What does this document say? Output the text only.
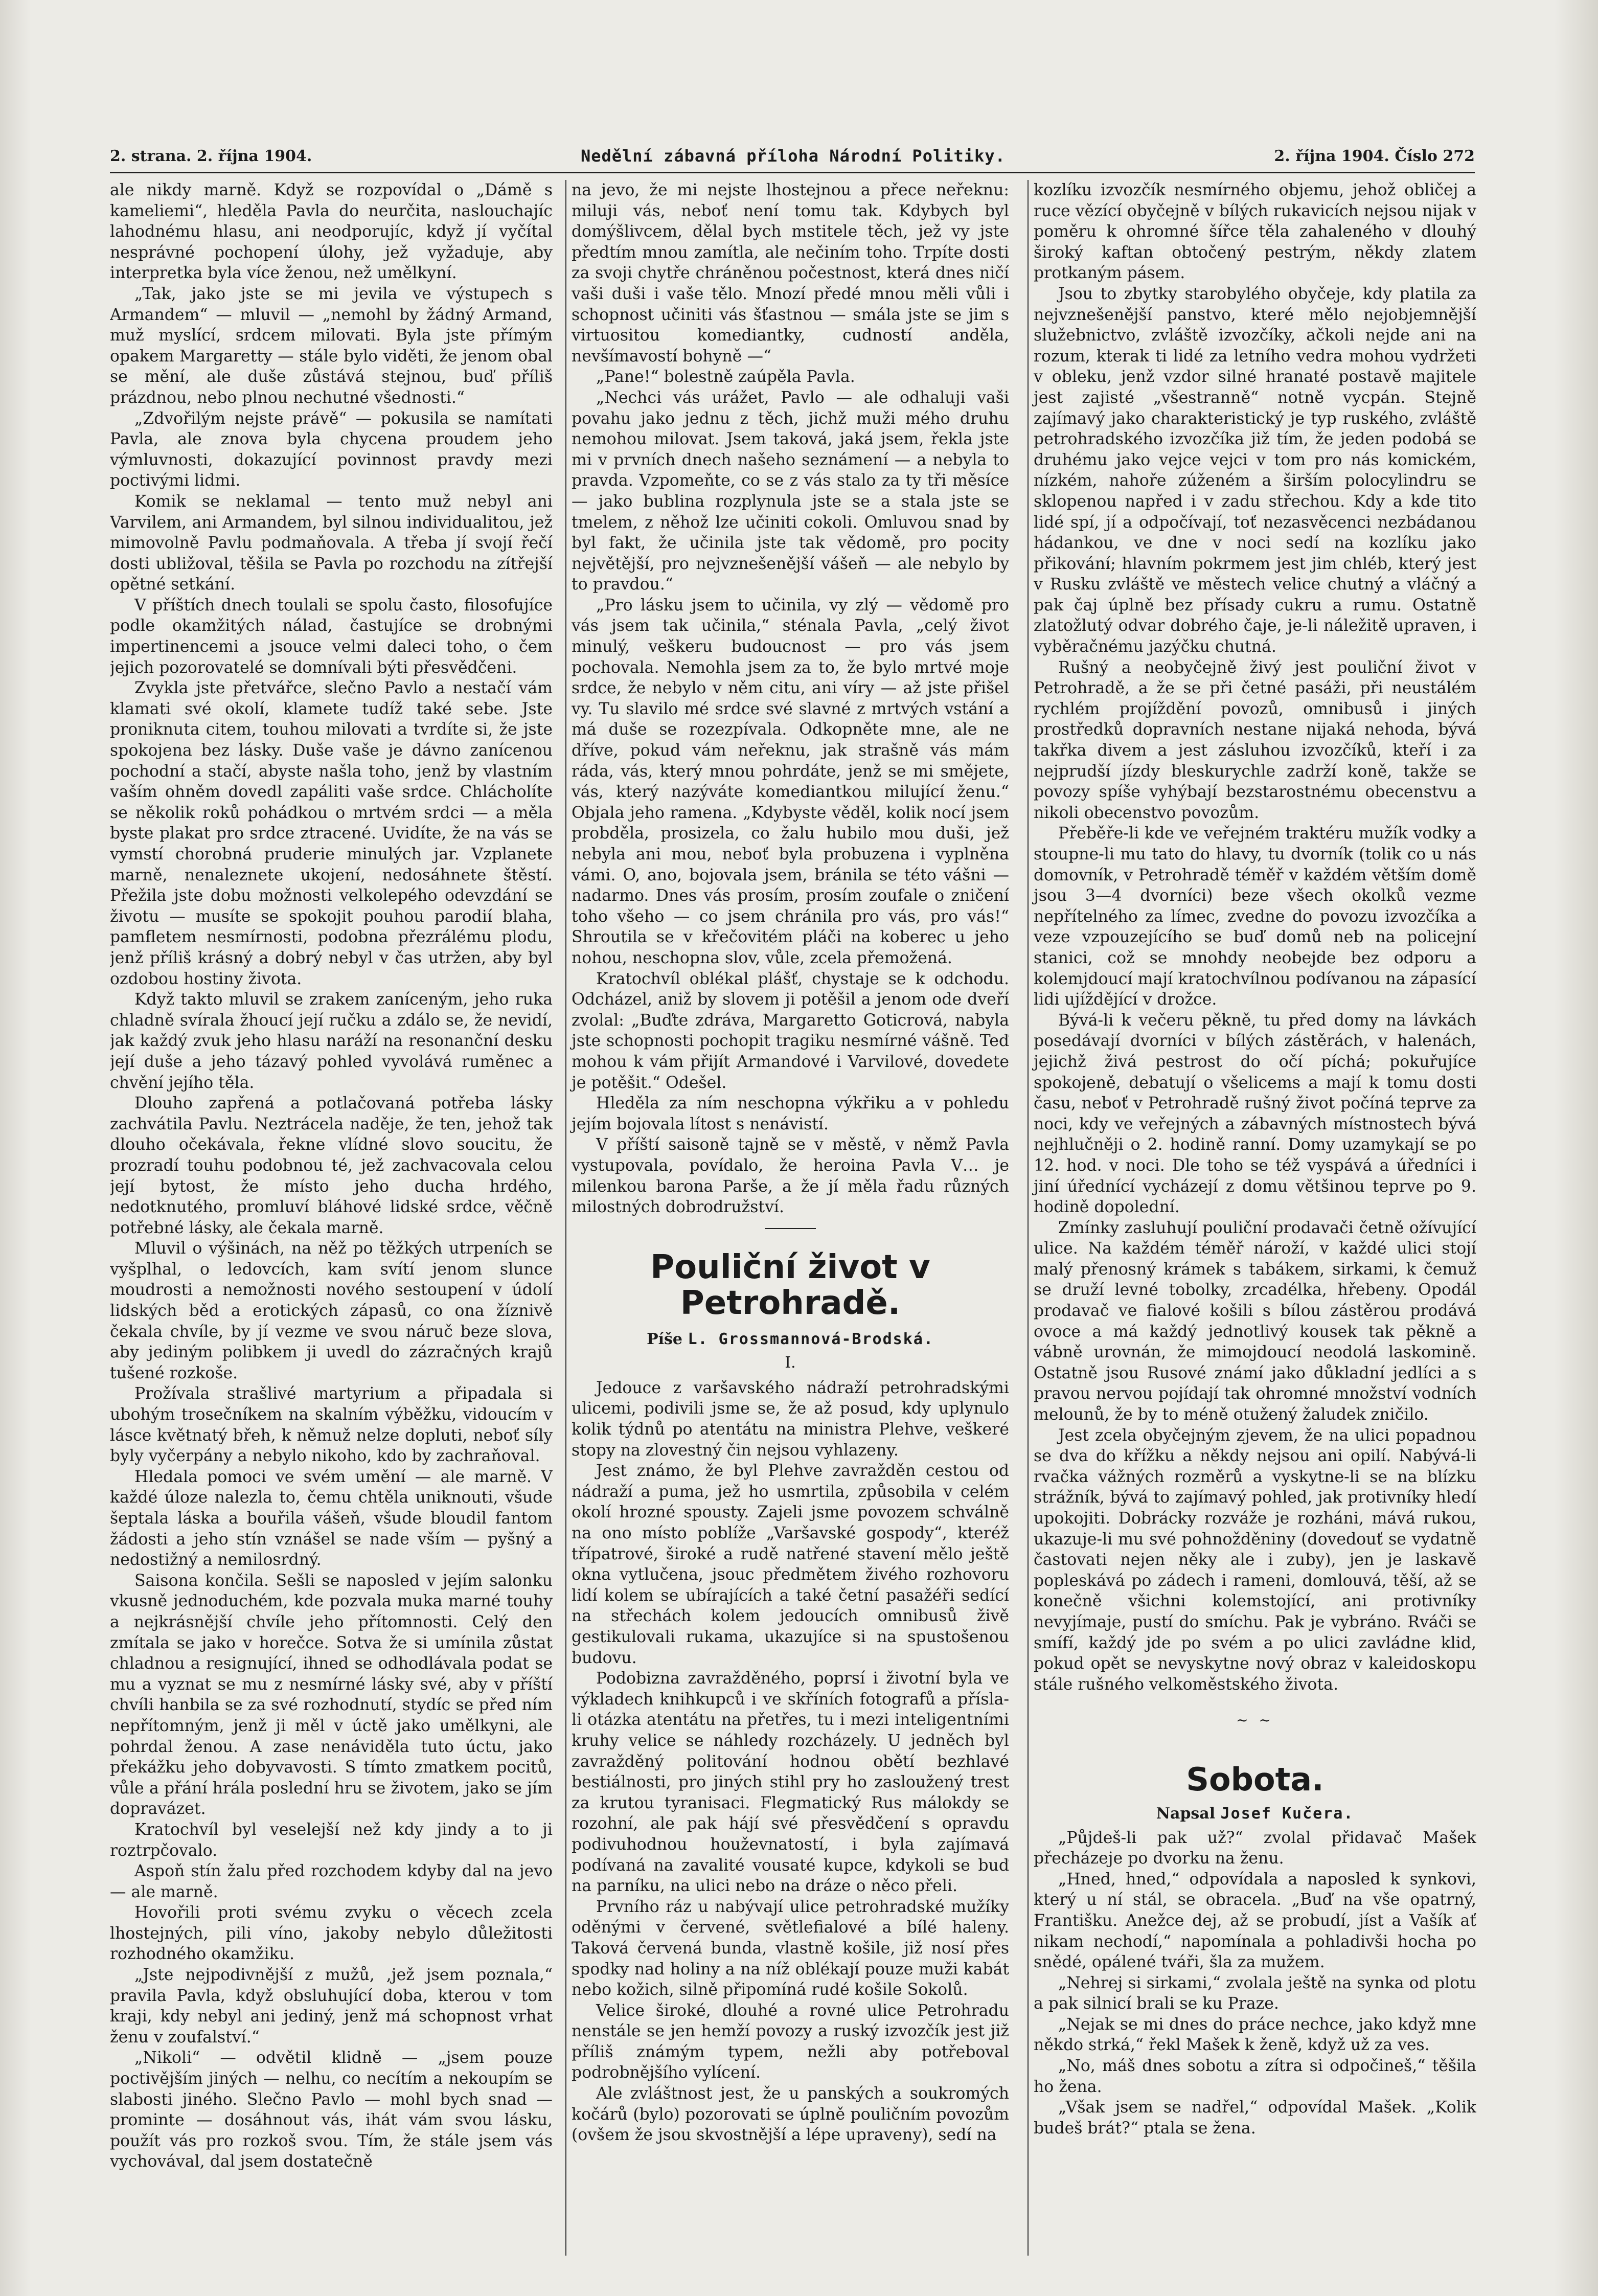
2. strana. 2. října 1904.	Nedělní zábavná příloha Národní Politiky.	2. října 1904. Číslo 272

ale nikdy marně. Když se rozpovídal o „Dámě s kameliemi“, hleděla Pavla do neurčita, naslouchajíc lahodnému hlasu, ani neodporujíc, když jí vyčítal nesprávné pochopení úlohy, jež vyžaduje, aby interpretka byla více ženou, než umělkyní.

„Tak, jako jste se mi jevila ve výstupech s Armandem“ — mluvil — „nemohl by žádný Armand, muž myslící, srdcem milovati. Byla jste přímým opakem Margaretty — stále bylo viděti, že jenom obal se mění, ale duše zůstává stejnou, buď příliš prázdnou, nebo plnou nechutné všednosti.“

„Zdvořilým nejste právě“ — pokusila se namítati Pavla, ale znova byla chycena proudem jeho výmluvnosti, dokazující povinnost pravdy mezi poctivými lidmi.

Komik se neklamal — tento muž nebyl ani Varvilem, ani Armandem, byl silnou individualitou, jež mimovolně Pavlu podmaňovala. A třeba jí svojí řečí dosti ubližoval, těšila se Pavla po rozchodu na zítřejší opětné setkání.

V příštích dnech toulali se spolu často, filosofujíce podle okamžitých nálad, častujíce se drobnými impertinencemi a jsouce velmi daleci toho, o čem jejich pozorovatelé se domnívali býti přesvědčeni.

Zvykla jste přetvářce, slečno Pavlo a nestačí vám klamati své okolí, klamete tudíž také sebe. Jste proniknuta citem, touhou milovati a tvrdíte si, že jste spokojena bez lásky. Duše vaše je dávno zanícenou pochodní a stačí, abyste našla toho, jenž by vlastním vaším ohněm dovedl zapáliti vaše srdce. Chlácholíte se několik roků pohádkou o mrtvém srdci — a měla byste plakat pro srdce ztracené. Uvidíte, že na vás se vymstí chorobná pruderie minulých jar. Vzplanete marně, nenaleznete ukojení, nedosáhnete štěstí. Přežila jste dobu možnosti velkolepého odevzdání se životu — musíte se spokojit pouhou parodií blaha, pamfletem nesmírnosti, podobna přezrálému plodu, jenž příliš krásný a dobrý nebyl v čas utržen, aby byl ozdobou hostiny života.

Když takto mluvil se zrakem zaníceným, jeho ruka chladně svírala žhoucí její ručku a zdálo se, že nevidí, jak každý zvuk jeho hlasu naráží na resonanční desku její duše a jeho tázavý pohled vyvolává ruměnec a chvění jejího těla.

Dlouho zapřená a potlačovaná potřeba lásky zachvátila Pavlu. Neztrácela naděje, že ten, jehož tak dlouho očekávala, řekne vlídné slovo soucitu, že prozradí touhu podobnou té, jež zachvacovala celou její bytost, že místo jeho ducha hrdého, nedotknutého, promluví bláhové lidské srdce, věčně potřebné lásky, ale čekala marně.

Mluvil o výšinách, na něž po těžkých utrpeních se vyšplhal, o ledovcích, kam svítí jenom slunce moudrosti a nemožnosti nového sestoupení v údolí lidských běd a erotických zápasů, co ona žíznivě čekala chvíle, by jí vezme ve svou náruč beze slova, aby jediným polibkem ji uvedl do zázračných krajů tušené rozkoše.

Prožívala strašlivé martyrium a připadala si ubohým trosečníkem na skalním výběžku, vidoucím v lásce květnatý břeh, k němuž nelze dopluti, neboť síly byly vyčerpány a nebylo nikoho, kdo by zachraňoval.

Hledala pomoci ve svém umění — ale marně. V každé úloze nalezla to, čemu chtěla uniknouti, všude šeptala láska a bouřila vášeň, všude bloudil fantom žádosti a jeho stín vznášel se nade vším — pyšný a nedostižný a nemilosrdný.

Saisona končila. Sešli se naposled v jejím salonku vkusně jednoduchém, kde pozvala muka marné touhy a nejkrásnější chvíle jeho přítomnosti. Celý den zmítala se jako v horečce. Sotva že si umínila zůstat chladnou a resignující, ihned se odhodlávala podat se mu a vyznat se mu z nesmírné lásky své, aby v příští chvíli hanbila se za své rozhodnutí, stydíc se před ním nepřítomným, jenž ji měl v úctě jako umělkyni, ale pohrdal ženou. A zase nenáviděla tuto úctu, jako překážku jeho dobyvavosti. S tímto zmatkem pocitů, vůle a přání hrála poslední hru se životem, jako se jím dopravázet.

Kratochvíl byl veselejší než kdy jindy a to ji roztrpčovalo.

Aspoň stín žalu před rozchodem kdyby dal na jevo — ale marně.

Hovořili proti svému zvyku o věcech zcela lhostejných, pili víno, jakoby nebylo důležitosti rozhodného okamžiku.

„Jste nejpodivnější z mužů, ,jež jsem poznala,“ pravila Pavla, když obsluhující doba, kterou v tom kraji, kdy nebyl ani jediný, jenž má schopnost vrhat ženu v zoufalství.“

„Nikoli“ — odvětil klidně — „jsem pouze poctivějším jiných — nelhu, co necítím a nekoupím se slabosti jiného. Slečno Pavlo — mohl bych snad — prominte — dosáhnout vás, ihát vám svou lásku, použít vás pro rozkoš svou. Tím, že stále jsem vás vychovával, dal jsem dostatečně

na jevo, že mi nejste lhostejnou a přece neřeknu: miluji vás, neboť není tomu tak. Kdybych byl domýšlivcem, dělal bych mstitele těch, jež vy jste předtím mnou zamítla, ale nečiním toho. Trpíte dosti za svoji chytře chráněnou počestnost, která dnes ničí vaši duši i vaše tělo. Mnozí předé mnou měli vůli i schopnost učiniti vás šťastnou — smála jste se jim s virtuositou komediantky, cudností anděla, nevšímavostí bohyně —“

„Pane!“ bolestně zaúpěla Pavla.

„Nechci vás urážet, Pavlo — ale odhaluji vaši povahu jako jednu z těch, jichž muži mého druhu nemohou milovat. Jsem taková, jaká jsem, řekla jste mi v prvních dnech našeho seznámení — a nebyla to pravda. Vzpomeňte, co se z vás stalo za ty tři měsíce — jako bublina rozplynula jste se a stala jste se tmelem, z něhož lze učiniti cokoli. Omluvou snad by byl fakt, že učinila jste tak vědomě, pro pocity největější, pro nejvznešenější vášeň — ale nebylo by to pravdou.“

„Pro lásku jsem to učinila, vy zlý — vědomě pro vás jsem tak učinila,“ sténala Pavla, „celý život minulý, veškeru budoucnost — pro vás jsem pochovala. Nemohla jsem za to, že bylo mrtvé moje srdce, že nebylo v něm citu, ani víry — až jste přišel vy. Tu slavilo mé srdce své slavné z mrtvých vstání a má duše se rozezpívala. Odkopněte mne, ale ne dříve, pokud vám neřeknu, jak strašně vás mám ráda, vás, který mnou pohrdáte, jenž se mi smějete, vás, který nazýváte komediantkou milující ženu.“ Objala jeho ramena. „Kdybyste věděl, kolik nocí jsem probděla, prosizela, co žalu hubilo mou duši, jež nebyla ani mou, neboť byla probuzena i vyplněna vámi. O, ano, bojovala jsem, bránila se této vášni — nadarmo. Dnes vás prosím, prosím zoufale o zničení toho všeho — co jsem chránila pro vás, pro vás!“ Shroutila se v křečovitém pláči na koberec u jeho nohou, neschopna slov, vůle, zcela přemožená.

Kratochvíl oblékal plášť, chystaje se k odchodu. Odcházel, aniž by slovem ji potěšil a jenom ode dveří zvolal: „Buďte zdráva, Margaretto Goticrová, nabyla jste schopnosti pochopit tragiku nesmírné vášně. Teď mohou k vám přijít Armandové i Varvilové, dovedete je potěšit.“ Odešel.

Hleděla za ním neschopna výkřiku a v pohledu jejím bojovala lítost s nenávistí.

V příští saisoně tajně se v městě, v němž Pavla vystupovala, povídalo, že heroina Pavla V… je milenkou barona Parše, a že jí měla řadu různých milostných dobrodružství.

Pouliční život v Petrohradě.
Píše L. Grossmannová-Brodská.
I.

Jedouce z varšavského nádraží petrohradskými ulicemi, podivili jsme se, že až posud, kdy uplynulo kolik týdnů po atentátu na ministra Plehve, veškeré stopy na zlovestný čin nejsou vyhlazeny.

Jest známo, že byl Plehve zavražděn cestou od nádraží a puma, jež ho usmrtila, způsobila v celém okolí hrozné spousty. Zajeli jsme povozem schválně na ono místo poblíže „Varšavské gospody“, kteréž třípatrové, široké a rudě natřené stavení mělo ještě okna vytlučena, jsouc předmětem živého rozhovoru lidí kolem se ubírajících a také četní pasažéři sedící na střechách kolem jedoucích omnibusů živě gestikulovali rukama, ukazujíce si na spustošenou budovu.

Podobizna zavražděného, poprsí i životní byla ve výkladech knihkupců i ve skříních fotografů a přísla-li otázka atentátu na přetřes, tu i mezi inteligentními kruhy velice se náhledy rozcházely. U jedněch byl zavražděný politování hodnou obětí bezhlavé bestiálnosti, pro jiných stihl pry ho zasloužený trest za krutou tyranisaci. Flegmatický Rus málokdy se rozohní, ale pak hájí své přesvědčení s opravdu podivuhodnou houževnatostí, i byla zajímavá podívaná na zavalité vousaté kupce, kdykoli se buď na parníku, na ulici nebo na dráze o něco přeli.

Prvního ráz u nabývají ulice petrohradské mužíky oděnými v červené, světlefialové a bílé haleny. Taková červená bunda, vlastně košile, již nosí přes spodky nad holiny a na níž oblékají pouze muži kabát nebo kožich, silně připomíná rudé košile Sokolů.

Velice široké, dlouhé a rovné ulice Petrohradu nenstále se jen hemží povozy a ruský izvozčík jest již příliš známým typem, nežli aby potřeboval podrobnějšího vylícení.

Ale zvláštnost jest, že u panských a soukromých kočárů (bylo) pozorovati se úplně pouličním povozům (ovšem že jsou skvostnější a lépe upraveny), sedí na

kozlíku izvozčík nesmírného objemu, jehož obličej a ruce vězící obyčejně v bílých rukavicích nejsou nijak v poměru k ohromné šířce těla zahaleného v dlouhý široký kaftan obtočený pestrým, někdy zlatem protkaným pásem.

Jsou to zbytky starobylého obyčeje, kdy platila za nejvznešenější panstvo, které mělo nejobjemnější služebnictvo, zvláště izvozčíky, ačkoli nejde ani na rozum, kterak ti lidé za letního vedra mohou vydržeti v obleku, jenž vzdor silné hranaté postavě majitele jest zajisté „všestranně“ notně vycpán. Stejně zajímavý jako charakteristický je typ ruského, zvláště petrohradského izvozčíka již tím, že jeden podobá se druhému jako vejce vejci v tom pro nás komickém, nízkém, nahoře zúženém a širším polocylindru se sklopenou napřed i v zadu střechou. Kdy a kde tito lidé spí, jí a odpočívají, toť nezasvěcenci nezbádanou hádankou, ve dne v noci sedí na kozlíku jako přikování; hlavním pokrmem jest jim chléb, který jest v Rusku zvláště ve městech velice chutný a vláčný a pak čaj úplně bez přísady cukru a rumu. Ostatně zlatožlutý odvar dobrého čaje, je-li náležitě upraven, i vyběračnému jazýčku chutná.

Rušný a neobyčejně živý jest pouliční život v Petrohradě, a že se při četné pasáži, při neustálém rychlém projíždění povozů, omnibusů i jiných prostředků dopravních nestane nijaká nehoda, bývá takřka divem a jest zásluhou izvozčíků, kteří i za nejprudší jízdy bleskurychle zadrží koně, takže se povozy spíše vyhýbají bezstarostnému obecenstvu a nikoli obecenstvo povozům.

Přeběře-li kde ve veřejném traktéru mužík vodky a stoupne-li mu tato do hlavy, tu dvorník (tolik co u nás domovník, v Petrohradě téměř v každém větším domě jsou 3—4 dvorníci) beze všech okolků vezme nepřítelného za límec, zvedne do povozu izvozčíka a veze vzpouzejícího se buď domů neb na policejní stanici, což se mnohdy neobejde bez odporu a kolemjdoucí mají kratochvílnou podívanou na zápasící lidi ujíždějící v drožce.

Bývá-li k večeru pěkně, tu před domy na lávkách posedávají dvorníci v bílých zástěrách, v halenách, jejichž živá pestrost do očí píchá; pokuřujíce spokojeně, debatují o všelicems a mají k tomu dosti času, neboť v Petrohradě rušný život počíná teprve za noci, kdy ve veřejných a zábavných místnostech bývá nejhlučněji o 2. hodině ranní. Domy uzamykají se po 12. hod. v noci. Dle toho se též vyspává a úředníci i jiní úřednící vycházejí z domu většinou teprve po 9. hodině dopolední.

Zmínky zasluhují pouliční prodavači četně ožívující ulice. Na každém téměř nároží, v každé ulici stojí malý přenosný krámek s tabákem, sirkami, k čemuž se druží levné tobolky, zrcadélka, hřebeny. Opodál prodavač ve fialové košili s bílou zástěrou prodává ovoce a má každý jednotlivý kousek tak pěkně a vábně urovnán, že mimojdoucí neodolá laskomině. Ostatně jsou Rusové známí jako důkladní jedlíci a s pravou nervou pojídají tak ohromné množství vodních melounů, že by to méně otužený žaludek zničilo.

Jest zcela obyčejným zjevem, že na ulici popadnou se dva do křížku a někdy nejsou ani opilí. Nabývá-li rvačka vážných rozměrů a vyskytne-li se na blízku strážník, bývá to zajímavý pohled, jak protivníky hledí upokojiti. Dobrácky rozváže je rozháni, mává rukou, ukazuje-li mu své pohnožděniny (dovedouť se vydatně častovati nejen něky ale i zuby), jen je laskavě popleskává po zádech i rameni, domlouvá, těší, až se konečně všichni kolemstojící, ani protivníky nevyjímaje, pustí do smíchu. Pak je vybráno. Rváči se smífí, každý jde po svém a po ulici zavládne klid, pokud opět se nevyskytne nový obraz v kaleidoskopu stále rušného velkoměstského života.

~ ~
Sobota.
Napsal Josef Kučera.

„Půjdeš-li pak už?“ zvolal přidavač Mašek přecházeje po dvorku na ženu.

„Hned, hned,“ odpovídala a naposled k synkovi, který u ní stál, se obracela. „Buď na vše opatrný, Františku. Anežce dej, až se probudí, jíst a Vašík ať nikam nechodí,“ napomínala a pohladivši hocha po snědé, opálené tváři, šla za mužem.

„Nehrej si sirkami,“ zvolala ještě na synka od plotu a pak silnicí brali se ku Praze.

„Nejak se mi dnes do práce nechce, jako když mne někdo strká,“ řekl Mašek k ženě, když už za ves.

„No, máš dnes sobotu a zítra si odpočineš,“ těšila ho žena.

„Však jsem se nadřel,“ odpovídal Mašek. „Kolik budeš brát?“ ptala se žena.
